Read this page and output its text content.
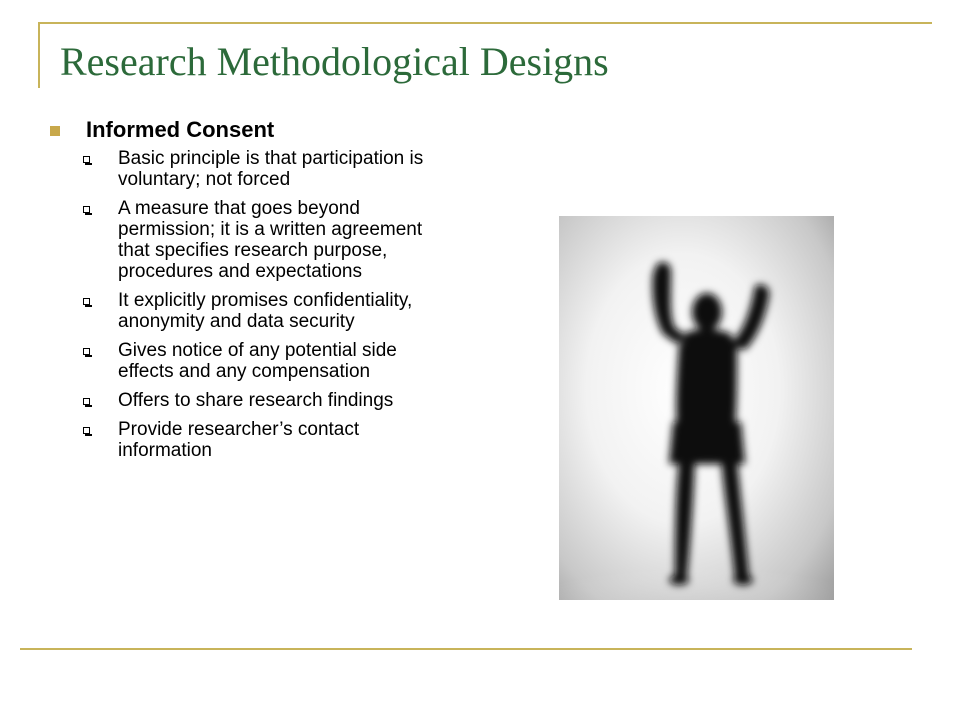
Research Methodological Designs
Informed Consent
Basic principle is that participation is voluntary; not forced
A measure that goes beyond permission; it is a written agreement that specifies research purpose, procedures and expectations
It explicitly promises confidentiality, anonymity and data security
Gives notice of any potential side effects and any compensation
Offers to share research findings
Provide researcher’s contact information
